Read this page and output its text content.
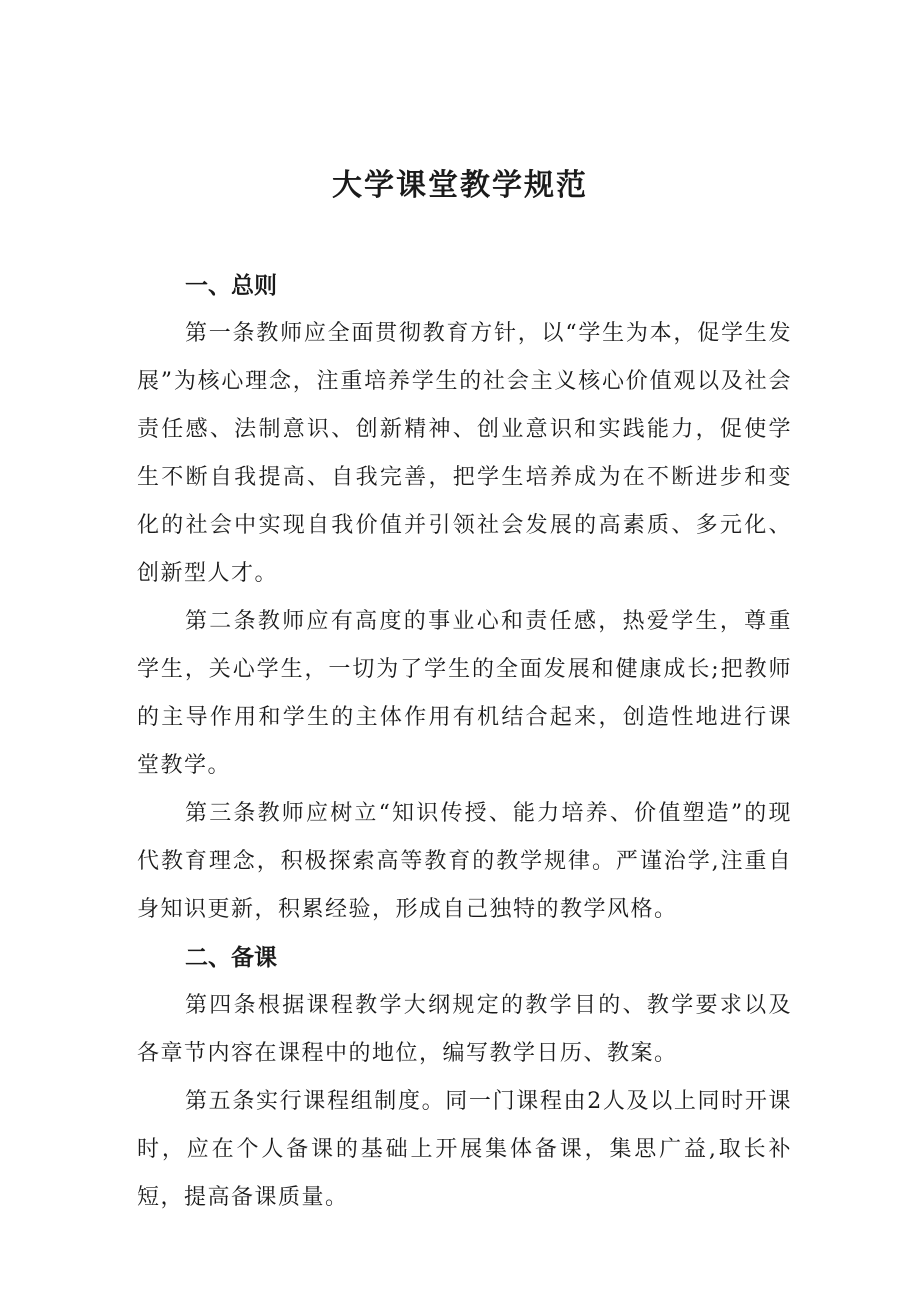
大学课堂教学规范
一、总则

第一条教师应全面贯彻教育方针，以“学生为本，促学生发展”为核心理念，注重培养学生的社会主义核心价值观以及社会责任感、法制意识、创新精神、创业意识和实践能力，促使学生不断自我提高、自我完善，把学生培养成为在不断进步和变化的社会中实现自我价值并引领社会发展的高素质、多元化、创新型人才。

第二条教师应有高度的事业心和责任感，热爱学生，尊重学生，关心学生，一切为了学生的全面发展和健康成长;把教师的主导作用和学生的主体作用有机结合起来，创造性地进行课堂教学。

第三条教师应树立“知识传授、能力培养、价值塑造”的现代教育理念，积极探索高等教育的教学规律。严谨治学,注重自身知识更新，积累经验，形成自己独特的教学风格。

二、备课

第四条根据课程教学大纲规定的教学目的、教学要求以及各章节内容在课程中的地位，编写教学日历、教案。

第五条实行课程组制度。同一门课程由2人及以上同时开课时，应在个人备课的基础上开展集体备课，集思广益,取长补短，提高备课质量。
